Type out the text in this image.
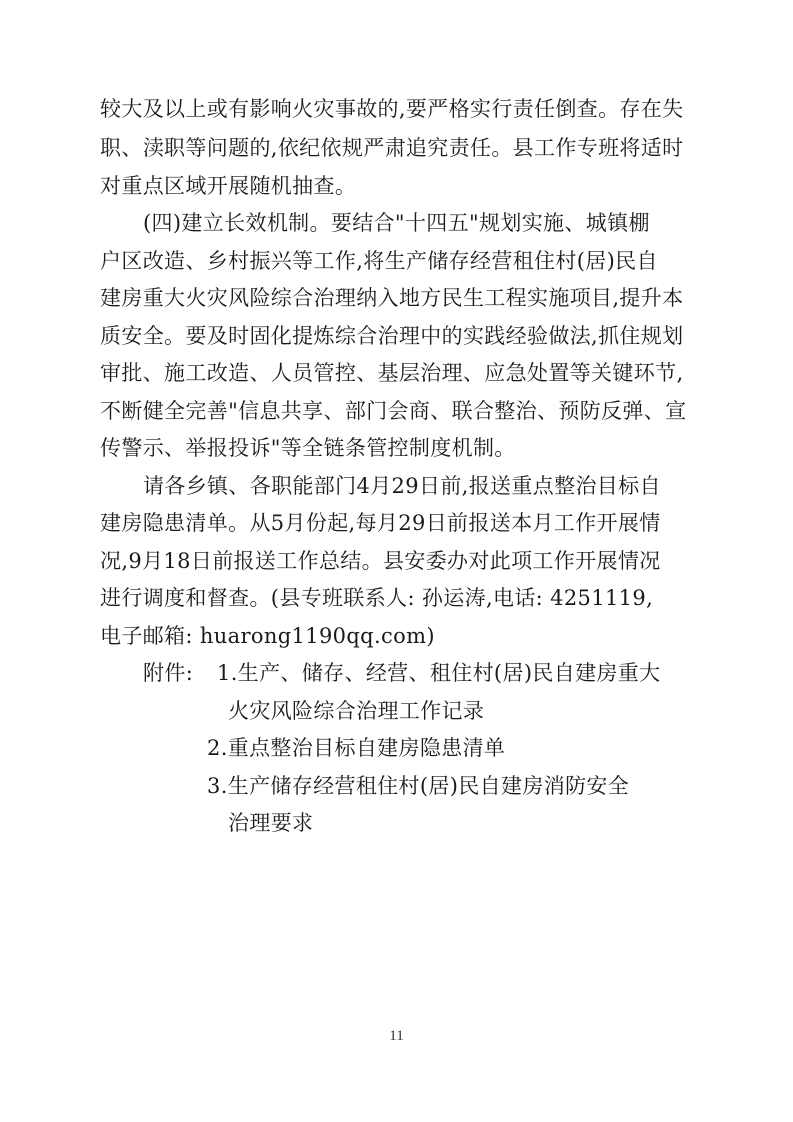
较大及以上或有影响火灾事故的,要严格实行责任倒查。存在失
职、渎职等问题的,依纪依规严肃追究责任。县工作专班将适时
对重点区域开展随机抽查。
(四)建立长效机制。要结合"十四五"规划实施、城镇棚
户区改造、乡村振兴等工作,将生产储存经营租住村(居)民自
建房重大火灾风险综合治理纳入地方民生工程实施项目,提升本
质安全。要及时固化提炼综合治理中的实践经验做法,抓住规划
审批、施工改造、人员管控、基层治理、应急处置等关键环节,
不断健全完善"信息共享、部门会商、联合整治、预防反弹、宣
传警示、举报投诉"等全链条管控制度机制。
请各乡镇、各职能部门4月29日前,报送重点整治目标自
建房隐患清单。从5月份起,每月29日前报送本月工作开展情
况,9月18日前报送工作总结。县安委办对此项工作开展情况
进行调度和督查。(县专班联系人: 孙运涛,电话: 4251119,
电子邮箱: huarong1190qq.com)
附件: 1.生产、储存、经营、租住村(居)民自建房重大
火灾风险综合治理工作记录
2.重点整治目标自建房隐患清单
3.生产储存经营租住村(居)民自建房消防安全
治理要求
11
